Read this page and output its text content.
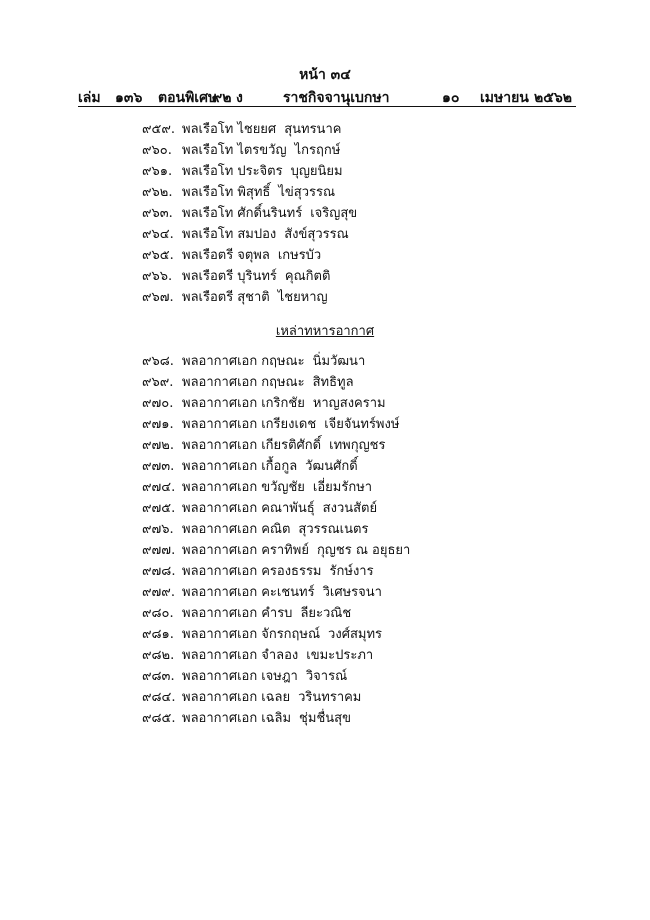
หน้า ๓๔
เล่ม ๑๓๖ ตอนพิเศษ
๙๒ ง	ราชกิจจานุเบกษา	๑๐ เมษายน ๒๕๖๒
๙๕๙. พลเรือโท ไชยยศ สุนทรนาค
๙๖๐. พลเรือโท ไตรขวัญ ไกรฤกษ์
๙๖๑. พลเรือโท ประจิตร บุญยนิยม
๙๖๒. พลเรือโท พิสุทธิ์ ไข่สุวรรณ
๙๖๓. พลเรือโท ศักดิ์นรินทร์ เจริญสุข
๙๖๔. พลเรือโท สมปอง สังข์สุวรรณ
๙๖๕. พลเรือตรี จตุพล เกษรบัว
๙๖๖. พลเรือตรี บุรินทร์ คุณกิตติ
๙๖๗. พลเรือตรี สุชาติ ไชยหาญ
เหล่าทหารอากาศ
๙๖๘. พลอากาศเอก กฤษณะ นิ่มวัฒนา
๙๖๙. พลอากาศเอก กฤษณะ สิทธิทูล
๙๗๐. พลอากาศเอก เกริกชัย หาญสงคราม
๙๗๑. พลอากาศเอก เกรียงเดช เจียจันทร์พงษ์
๙๗๒. พลอากาศเอก เกียรติศักดิ์ เทพกุญชร
๙๗๓. พลอากาศเอก เกื้อกูล วัฒนศักดิ์
๙๗๔. พลอากาศเอก ขวัญชัย เอี่ยมรักษา
๙๗๕. พลอากาศเอก คณาพันธุ์ สงวนสัตย์
๙๗๖. พลอากาศเอก คณิต สุวรรณเนตร
๙๗๗. พลอากาศเอก คราทิพย์ กุญชร ณ อยุธยา
๙๗๘. พลอากาศเอก ครองธรรม รักษ์งาร
๙๗๙. พลอากาศเอก คะเชนทร์ วิเศษรจนา
๙๘๐. พลอากาศเอก คำรบ ลียะวณิช
๙๘๑. พลอากาศเอก จักรกฤษณ์ วงศ์สมุทร
๙๘๒. พลอากาศเอก จำลอง เขมะประภา
๙๘๓. พลอากาศเอก เจษฎา วิจารณ์
๙๘๔. พลอากาศเอก เฉลย วรินทราคม
๙๘๕. พลอากาศเอก เฉลิม ชุ่มชื่นสุข
